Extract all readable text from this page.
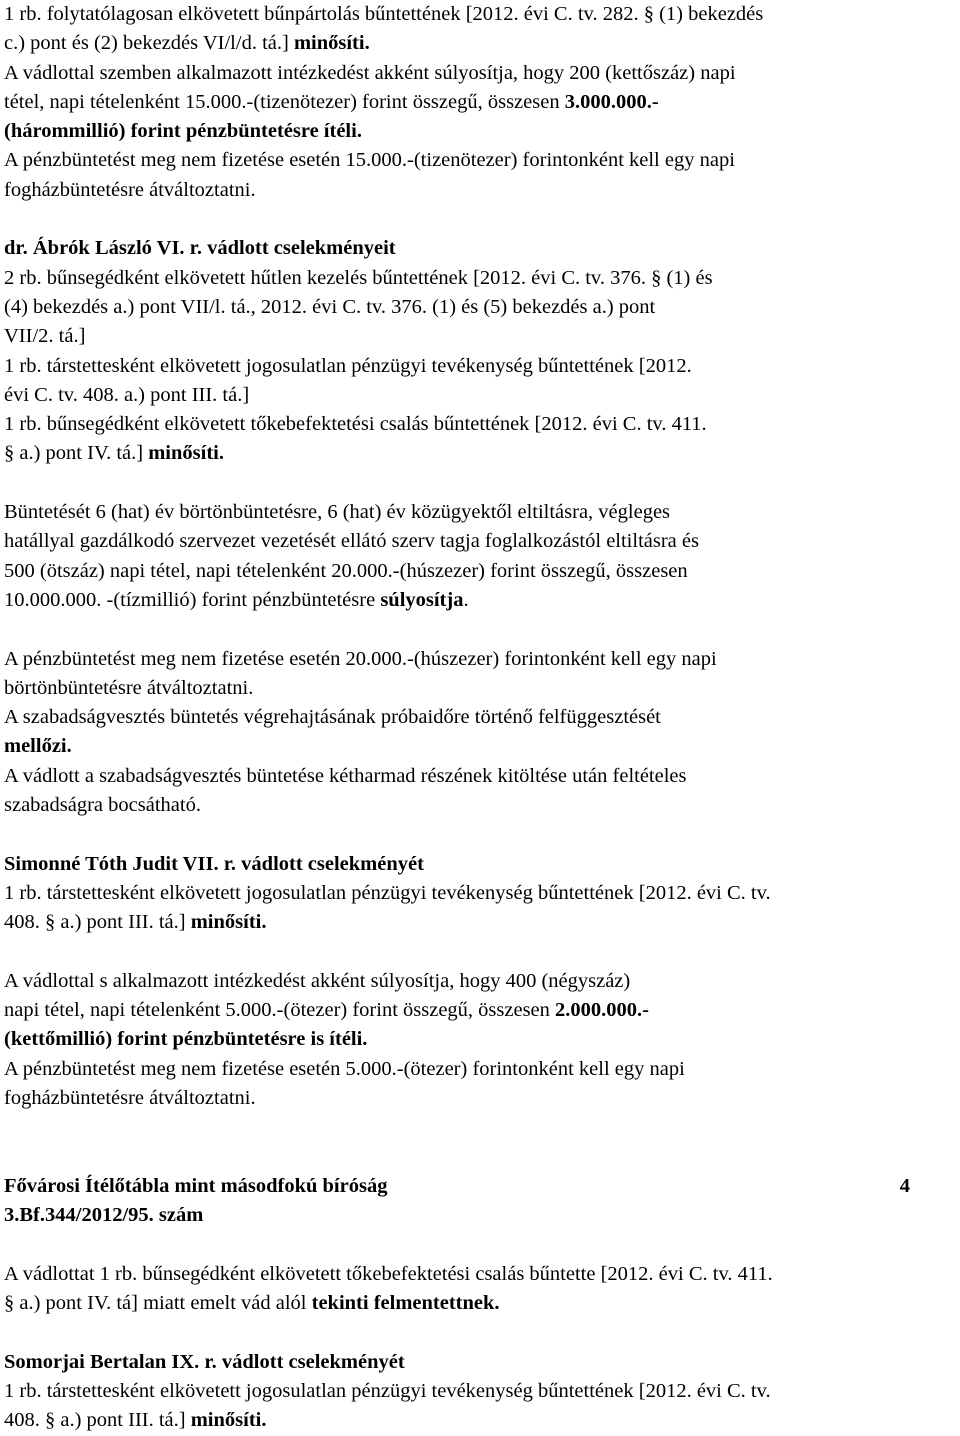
1 rb. folytatólagosan elkövetett bűnpártolás bűntettének [2012. évi C. tv. 282. § (1) bekezdés
c.) pont és (2) bekezdés VI/l/d. tá.] minősíti.
A vádlottal szemben alkalmazott intézkedést akként súlyosítja, hogy 200 (kettőszáz) napi
tétel, napi tételenként 15.000.-(tizenötezer) forint összegű, összesen 3.000.000.-
(hárommillió) forint pénzbüntetésre ítéli.
A pénzbüntetést meg nem fizetése esetén 15.000.-(tizenötezer) forintonként kell egy napi
fogházbüntetésre átváltoztatni.
dr. Ábrók László VI. r. vádlott cselekményeit
2 rb. bűnsegédként elkövetett hűtlen kezelés bűntettének [2012. évi C. tv. 376. § (1) és
(4) bekezdés a.) pont VII/l. tá., 2012. évi C. tv. 376. (1) és (5) bekezdés a.) pont
VII/2. tá.]
1 rb. társtettesként elkövetett jogosulatlan pénzügyi tevékenység bűntettének [2012.
évi C. tv. 408. a.) pont III. tá.]
1 rb. bűnsegédként elkövetett tőkebefektetési csalás bűntettének [2012. évi C. tv. 411.
§ a.) pont IV. tá.] minősíti.
Büntetését 6 (hat) év börtönbüntetésre, 6 (hat) év közügyektől eltiltásra, végleges
hatállyal gazdálkodó szervezet vezetését ellátó szerv tagja foglalkozástól eltiltásra és
500 (ötszáz) napi tétel, napi tételenként 20.000.-(húszezer) forint összegű, összesen
10.000.000. -(tízmillió) forint pénzbüntetésre súlyosítja.
A pénzbüntetést meg nem fizetése esetén 20.000.-(húszezer) forintonként kell egy napi
börtönbüntetésre átváltoztatni.
A szabadságvesztés büntetés végrehajtásának próbaidőre történő felfüggesztését
mellőzi.
A vádlott a szabadságvesztés büntetése kétharmad részének kitöltése után feltételes
szabadságra bocsátható.
Simonné Tóth Judit VII. r. vádlott cselekményét
1 rb. társtettesként elkövetett jogosulatlan pénzügyi tevékenység bűntettének [2012. évi C. tv.
408. § a.) pont III. tá.] minősíti.
A vádlottal s alkalmazott intézkedést akként súlyosítja, hogy 400 (négyszáz)
napi tétel, napi tételenként 5.000.-(ötezer) forint összegű, összesen 2.000.000.-
(kettőmillió) forint pénzbüntetésre is ítéli.
A pénzbüntetést meg nem fizetése esetén 5.000.-(ötezer) forintonként kell egy napi
fogházbüntetésre átváltoztatni.
Fővárosi Ítélőtábla mint másodfokú bíróság	4
3.Bf.344/2012/95. szám
A vádlottat 1 rb. bűnsegédként elkövetett tőkebefektetési csalás bűntette [2012. évi C. tv. 411.
§ a.) pont IV. tá] miatt emelt vád alól tekinti felmentettnek.
Somorjai Bertalan IX. r. vádlott cselekményét
1 rb. társtettesként elkövetett jogosulatlan pénzügyi tevékenység bűntettének [2012. évi C. tv.
408. § a.) pont III. tá.] minősíti.
